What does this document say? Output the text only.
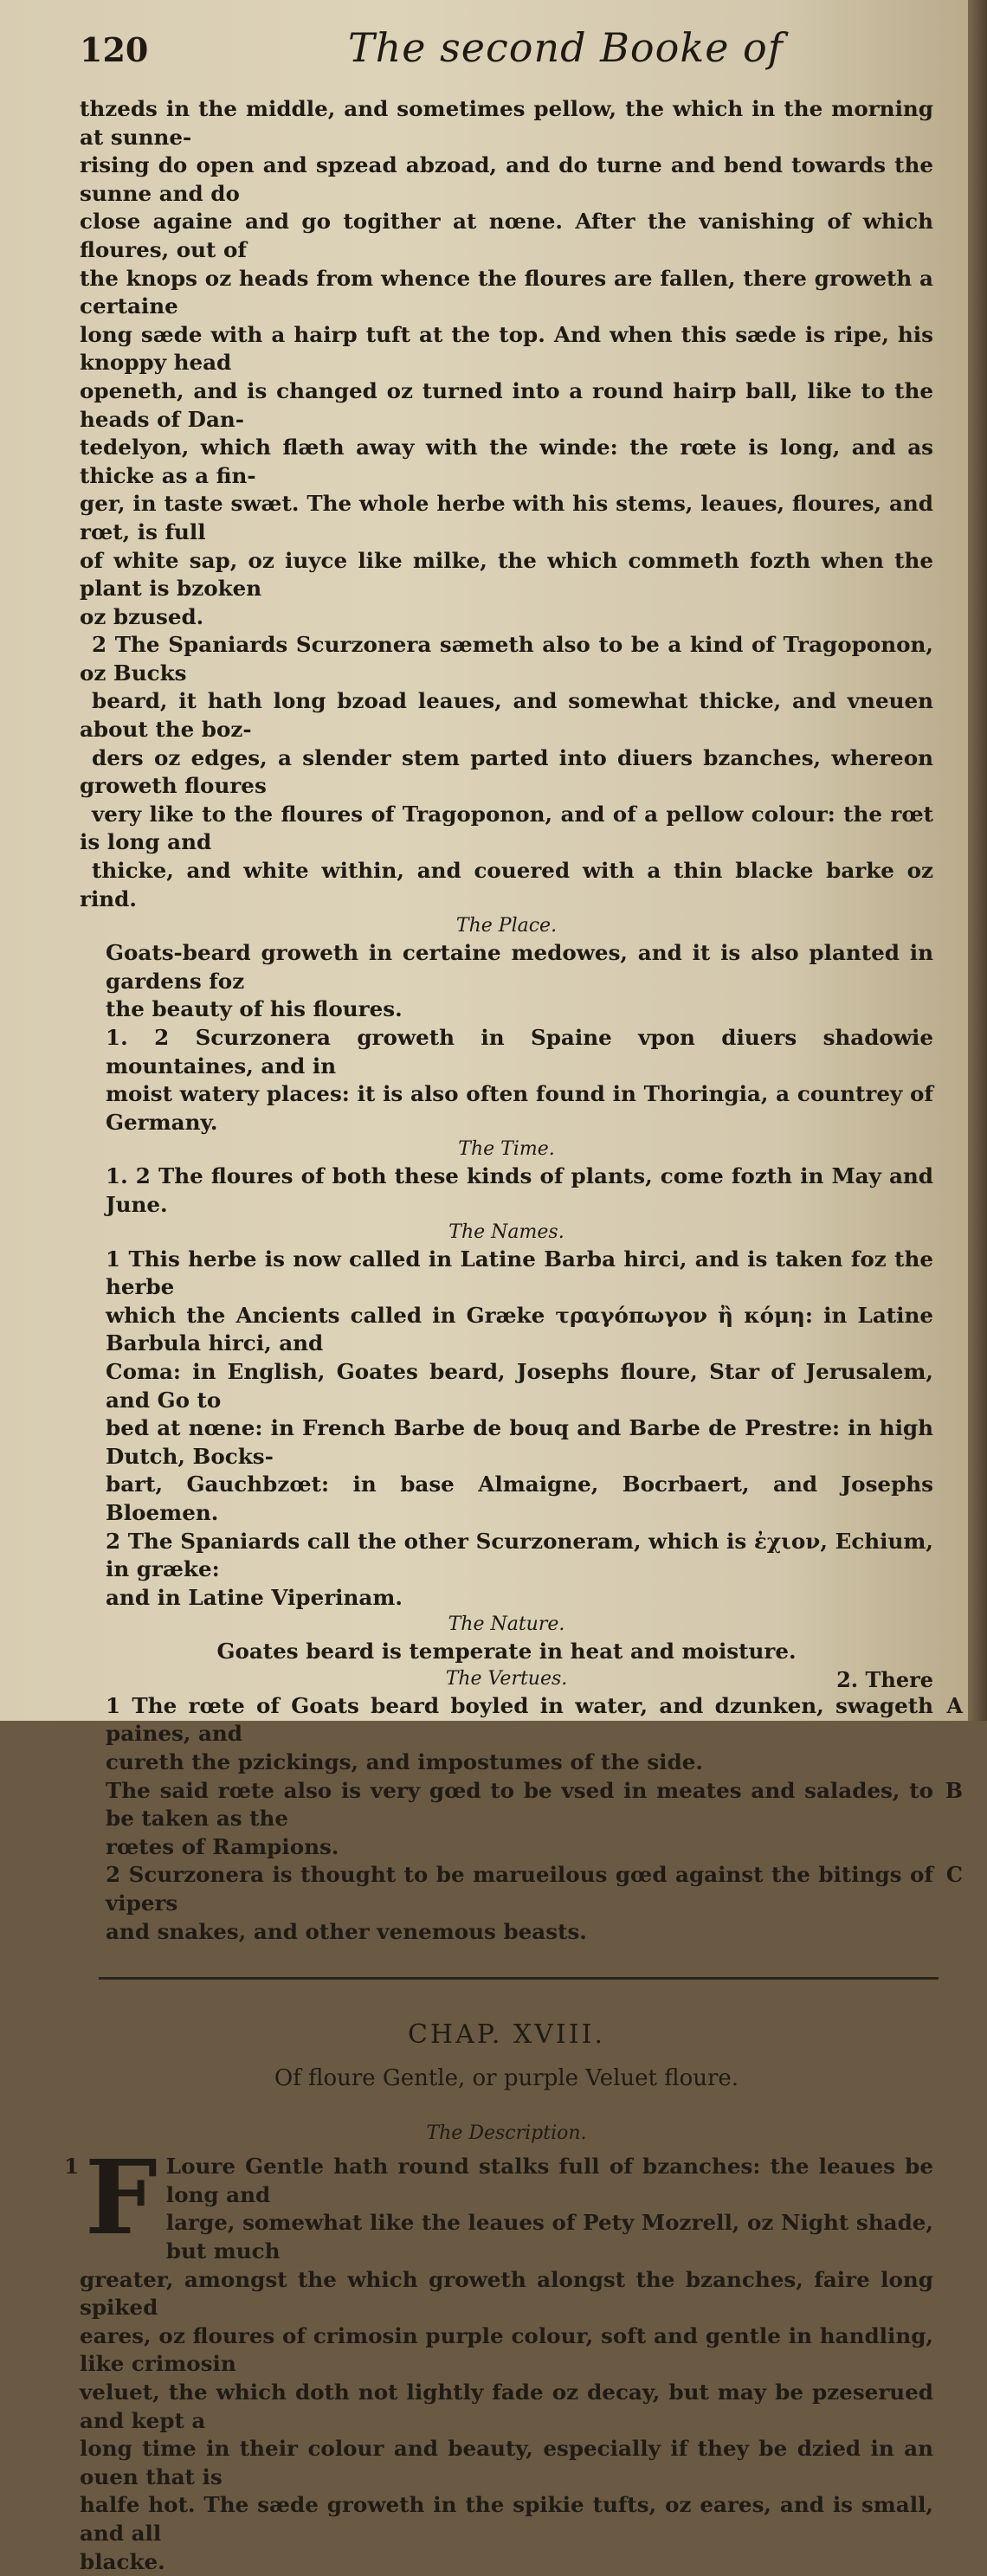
120	The second Booke of
thzeds in the middle, and sometimes pellow, the which in the morning at sunne-
rising do open and spzead abzoad, and do turne and bend towards the sunne and do
close againe and go togither at nœne. After the vanishing of which floures, out of
the knops oz heads from whence the floures are fallen, there groweth a certaine
long sæde with a hairp tuft at the top. And when this sæde is ripe, his knoppy head
openeth, and is changed oz turned into a round hairp ball, like to the heads of Dan-
tedelyon, which flæth away with the winde: the rœte is long, and as thicke as a fin-
ger, in taste swæt. The whole herbe with his stems, leaues, floures, and rœt, is full
of white sap, oz iuyce like milke, the which commeth fozth when the plant is bzoken
oz bzused.
2 The Spaniards Scurzonera sæmeth also to be a kind of Tragoponon, oz Bucks
beard, it hath long bzoad leaues, and somewhat thicke, and vneuen about the boz-
ders oz edges, a slender stem parted into diuers bzanches, whereon groweth floures
very like to the floures of Tragoponon, and of a pellow colour: the rœt is long and
thicke, and white within, and couered with a thin blacke barke oz rind.
The Place.
Goats-beard groweth in certaine medowes, and it is also planted in gardens foz
the beauty of his floures.
1. 2 Scurzonera groweth in Spaine vpon diuers shadowie mountaines, and in
moist watery places: it is also often found in Thoringia, a countrey of Germany.
The Time.
1. 2 The floures of both these kinds of plants, come fozth in May and June.
The Names.
1 This herbe is now called in Latine Barba hirci, and is taken foz the herbe
which the Ancients called in Græke τραγόπωγον ἢ κόμη: in Latine Barbula hirci, and
Coma: in English, Goates beard, Josephs floure, Star of Jerusalem, and Go to
bed at nœne: in French Barbe de bouq and Barbe de Prestre: in high Dutch, Bocks-
bart, Gauchbzœt: in base Almaigne, Bocrbaert, and Josephs Bloemen.
2 The Spaniards call the other Scurzoneram, which is ἐχιον, Echium, in græke:
and in Latine Viperinam.
The Nature.
Goates beard is temperate in heat and moisture.
The Vertues.
A
1 The rœte of Goats beard boyled in water, and dzunken, swageth paines, and
cureth the pzickings, and impostumes of the side.
B
The said rœte also is very gœd to be vsed in meates and salades, to be taken as the
rœtes of Rampions.
C
2 Scurzonera is thought to be marueilous gœd against the bitings of vipers
and snakes, and other venemous beasts.
CHAP. XVIII.
Of floure Gentle, or purple Veluet floure.
The Description.
1 F Loure Gentle hath round stalks full of bzanches: the leaues be long and
large, somewhat like the leaues of Pety Mozrell, oz Night shade, but much
greater, amongst the which groweth alongst the bzanches, faire long spiked
eares, oz floures of crimosin purple colour, soft and gentle in handling, like crimosin
veluet, the which doth not lightly fade oz decay, but may be pzeserued and kept a
long time in their colour and beauty, especially if they be dzied in an ouen that is
halfe hot. The sæde groweth in the spikie tufts, oz eares, and is small, and all
blacke.
2. There
